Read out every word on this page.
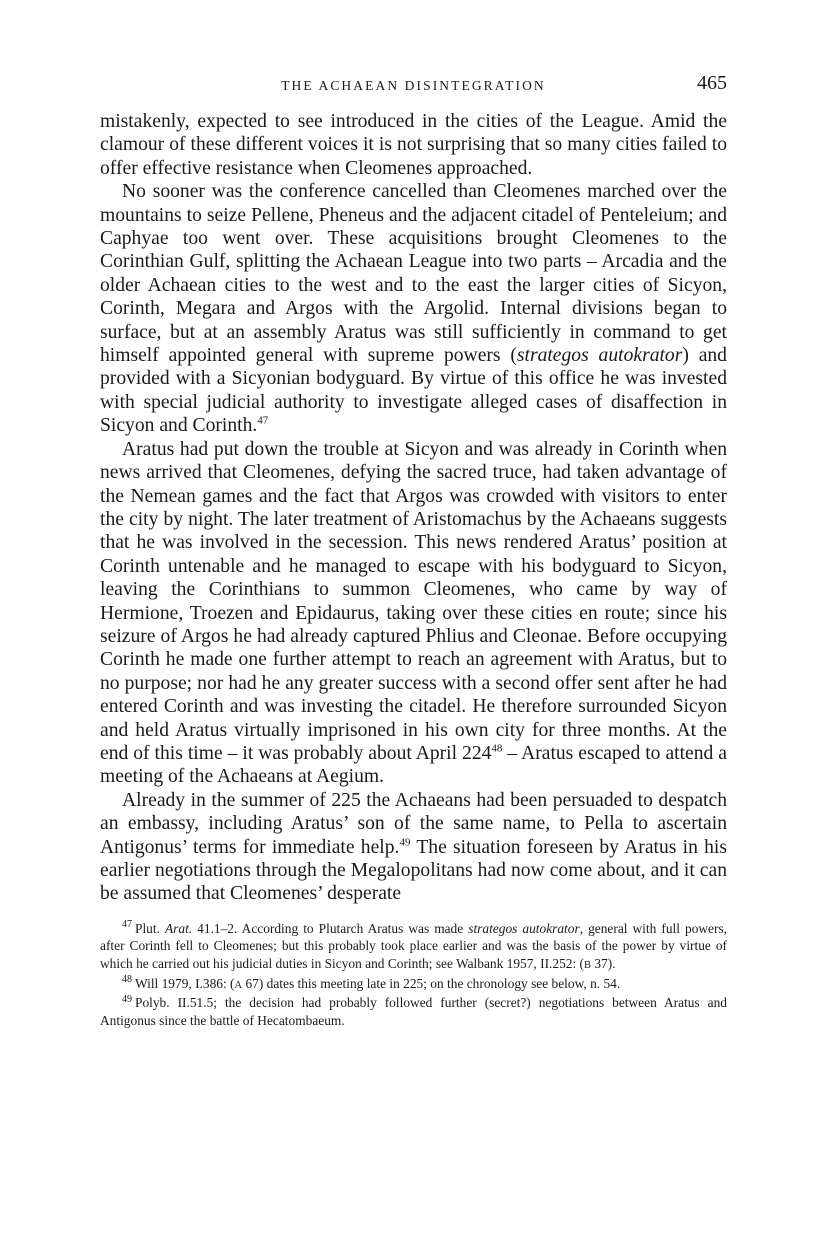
THE ACHAEAN DISINTEGRATION	465

mistakenly, expected to see introduced in the cities of the League. Amid the clamour of these different voices it is not surprising that so many cities failed to offer effective resistance when Cleomenes approached.

No sooner was the conference cancelled than Cleomenes marched over the mountains to seize Pellene, Pheneus and the adjacent citadel of Penteleium; and Caphyae too went over. These acquisitions brought Cleomenes to the Corinthian Gulf, splitting the Achaean League into two parts – Arcadia and the older Achaean cities to the west and to the east the larger cities of Sicyon, Corinth, Megara and Argos with the Argolid. Internal divisions began to surface, but at an assembly Aratus was still sufficiently in command to get himself appointed general with supreme powers (strategos autokrator) and provided with a Sicyonian bodyguard. By virtue of this office he was invested with special judicial authority to investigate alleged cases of disaffection in Sicyon and Corinth.$^{47}$

Aratus had put down the trouble at Sicyon and was already in Corinth when news arrived that Cleomenes, defying the sacred truce, had taken advantage of the Nemean games and the fact that Argos was crowded with visitors to enter the city by night. The later treatment of Aristomachus by the Achaeans suggests that he was involved in the secession. This news rendered Aratus’ position at Corinth untenable and he managed to escape with his bodyguard to Sicyon, leaving the Corinthians to summon Cleomenes, who came by way of Hermione, Troezen and Epidaurus, taking over these cities en route; since his seizure of Argos he had already captured Phlius and Cleonae. Before occupying Corinth he made one further attempt to reach an agreement with Aratus, but to no purpose; nor had he any greater success with a second offer sent after he had entered Corinth and was investing the citadel. He therefore surrounded Sicyon and held Aratus virtually imprisoned in his own city for three months. At the end of this time – it was probably about April $224^{48}$ – Aratus escaped to attend a meeting of the Achaeans at Aegium.

Already in the summer of 225 the Achaeans had been persuaded to despatch an embassy, including Aratus’ son of the same name, to Pella to ascertain Antigonus’ terms for immediate help.$^{49}$ The situation foreseen by Aratus in his earlier negotiations through the Megalopolitans had now come about, and it can be assumed that Cleomenes’ desperate

$^{47}$ Plut. Arat. 41.1–2. According to Plutarch Aratus was made strategos autokrator, general with full powers, after Corinth fell to Cleomenes; but this probably took place earlier and was the basis of the power by virtue of which he carried out his judicial duties in Sicyon and Corinth; see Walbank 1957, II.252: (B 37).

$^{48}$ Will 1979, I.386: (A 67) dates this meeting late in 225; on the chronology see below, n. 54.

$^{49}$ Polyb. II.51.5; the decision had probably followed further (secret?) negotiations between Aratus and Antigonus since the battle of Hecatombaeum.
